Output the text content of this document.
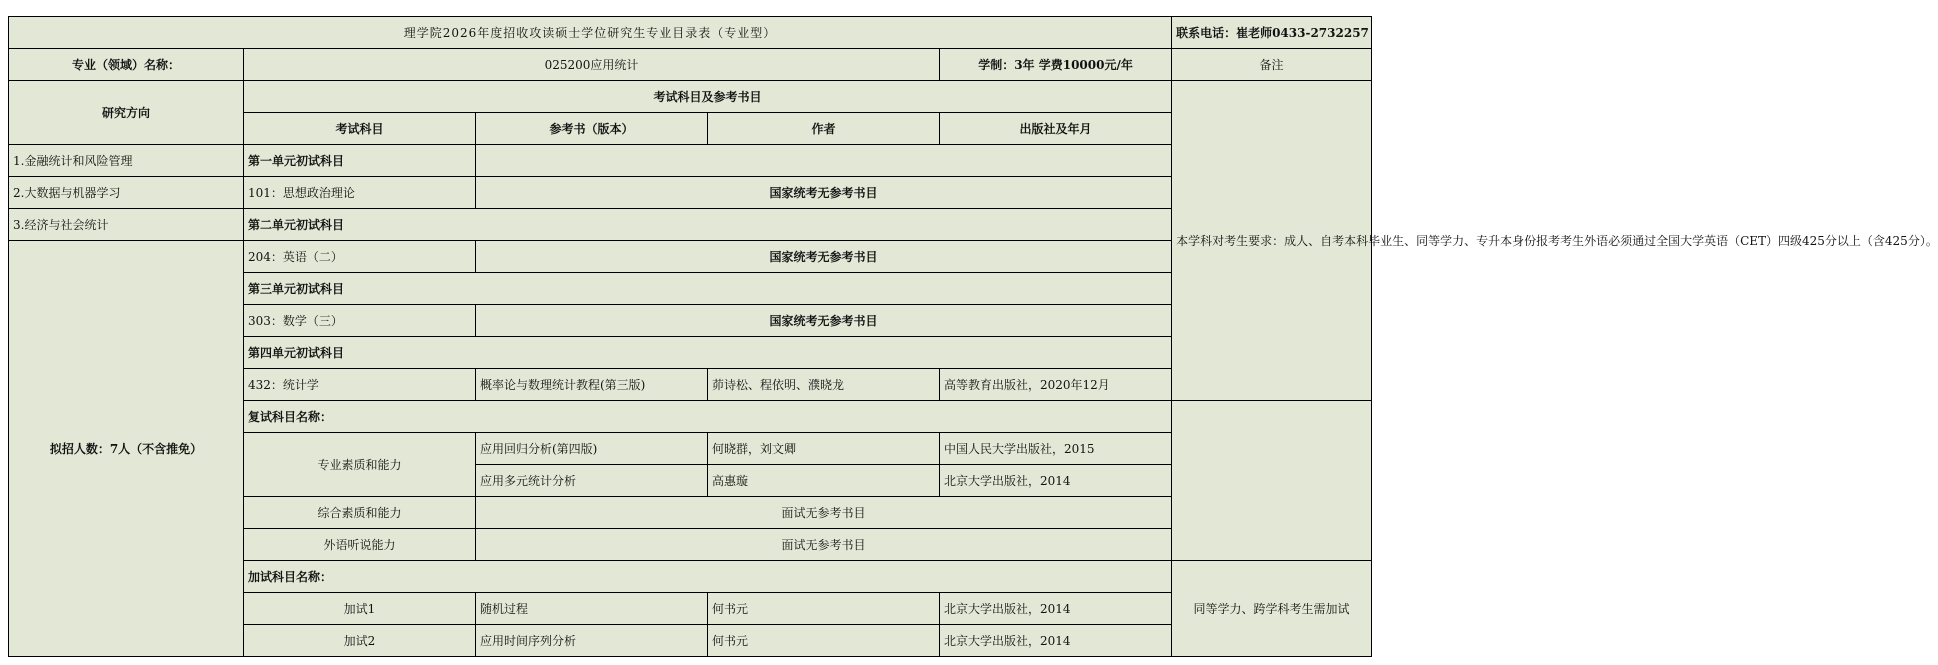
理学院2026年度招收攻读硕士学位研究生专业目录表（专业型）					联系电话：崔老师0433-2732257
专业（领域）名称：	025200应用统计			学制：3年 学费10000元/年	备注
研究方向	考试科目及参考书目				本学科对考生要求：成人、自考本科毕业生、同等学力、专升本身份报考考生外语必须通过全国大学英语（CET）四级425分以上（含425分）。
	考试科目	参考书（版本）	作者	出版社及年月	
1.金融统计和风险管理	第一单元初试科目				
2.大数据与机器学习	101：思想政治理论	国家统考无参考书目			
3.经济与社会统计	第二单元初试科目				
拟招人数：7人（不含推免）	204：英语（二）	国家统考无参考书目			
	第三单元初试科目				
	303：数学（三）	国家统考无参考书目			
	第四单元初试科目				
	432：统计学	概率论与数理统计教程(第三版)	茆诗松、程依明、濮晓龙	高等教育出版社，2020年12月	
	复试科目名称：				
	专业素质和能力	应用回归分析(第四版)	何晓群，刘文卿	中国人民大学出版社，2015	
		应用多元统计分析	高惠璇	北京大学出版社，2014	
	综合素质和能力	面试无参考书目			
	外语听说能力	面试无参考书目			
	加试科目名称：				同等学力、跨学科考生需加试
	加试1	随机过程	何书元	北京大学出版社，2014	
	加试2	应用时间序列分析	何书元	北京大学出版社，2014	
